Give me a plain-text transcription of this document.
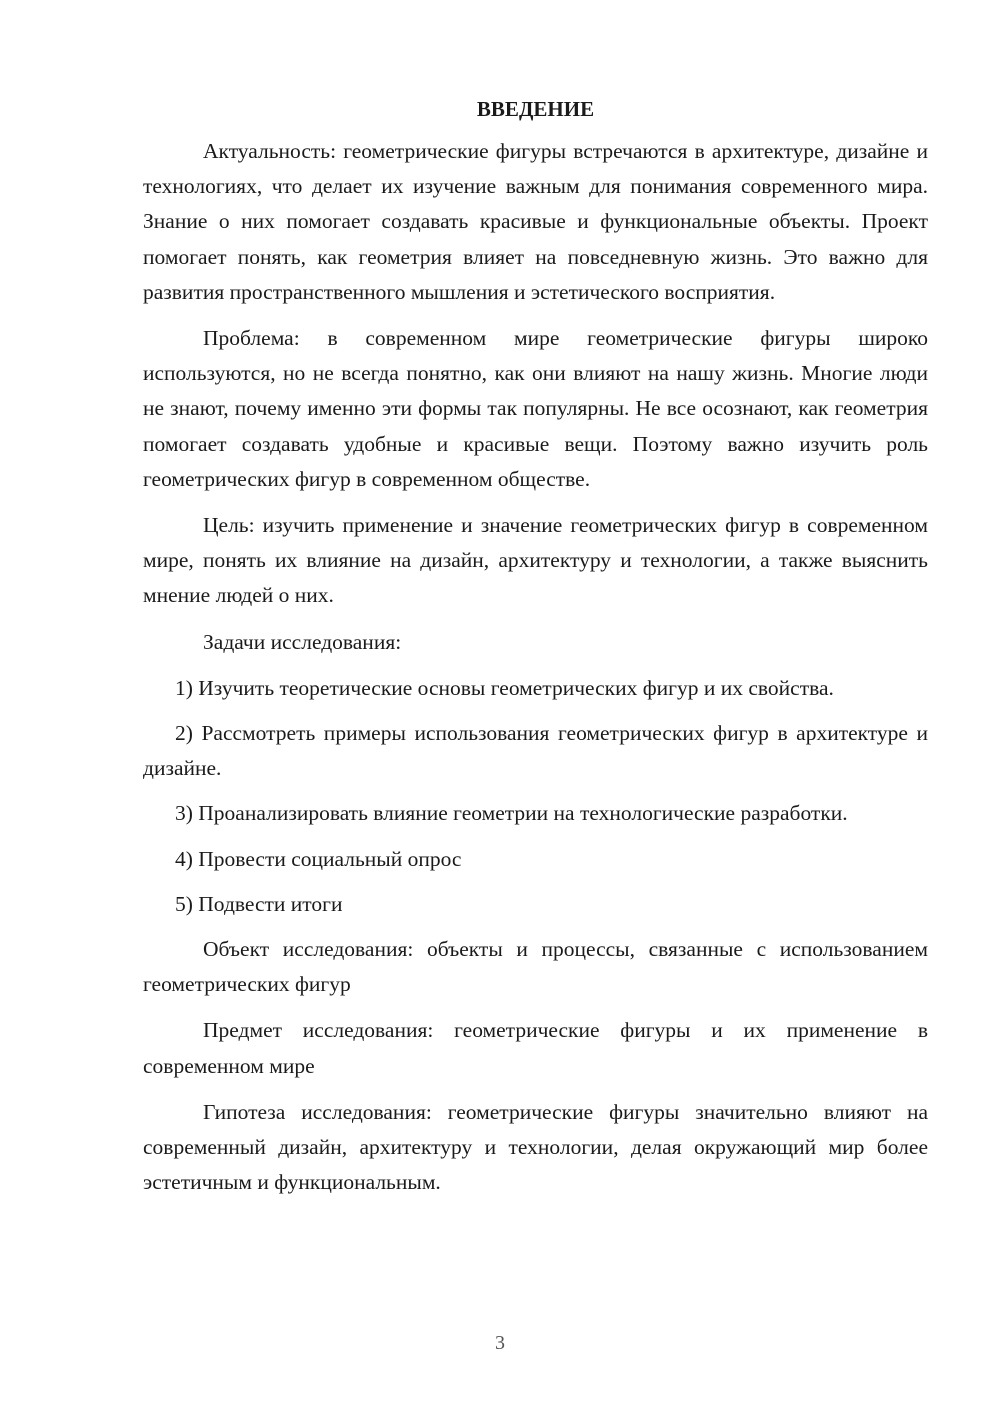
ВВЕДЕНИЕ

Актуальность: геометрические фигуры встречаются в архитектуре, дизайне и технологиях, что делает их изучение важным для понимания современного мира. Знание о них помогает создавать красивые и функциональные объекты. Проект помогает понять, как геометрия влияет на повседневную жизнь. Это важно для развития пространственного мышления и эстетического восприятия.

Проблема: в современном мире геометрические фигуры широко используются, но не всегда понятно, как они влияют на нашу жизнь. Многие люди не знают, почему именно эти формы так популярны. Не все осознают, как геометрия помогает создавать удобные и красивые вещи. Поэтому важно изучить роль геометрических фигур в современном обществе.

Цель: изучить применение и значение геометрических фигур в современном мире, понять их влияние на дизайн, архитектуру и технологии, а также выяснить мнение людей о них.

Задачи исследования:

1) Изучить теоретические основы геометрических фигур и их свойства.

2) Рассмотреть примеры использования геометрических фигур в архитектуре и дизайне.

3) Проанализировать влияние геометрии на технологические разработки.

4) Провести социальный опрос

5) Подвести итоги

Объект исследования: объекты и процессы, связанные с использованием геометрических фигур

Предмет исследования: геометрические фигуры и их применение в современном мире

Гипотеза исследования: геометрические фигуры значительно влияют на современный дизайн, архитектуру и технологии, делая окружающий мир более эстетичным и функциональным.

3
